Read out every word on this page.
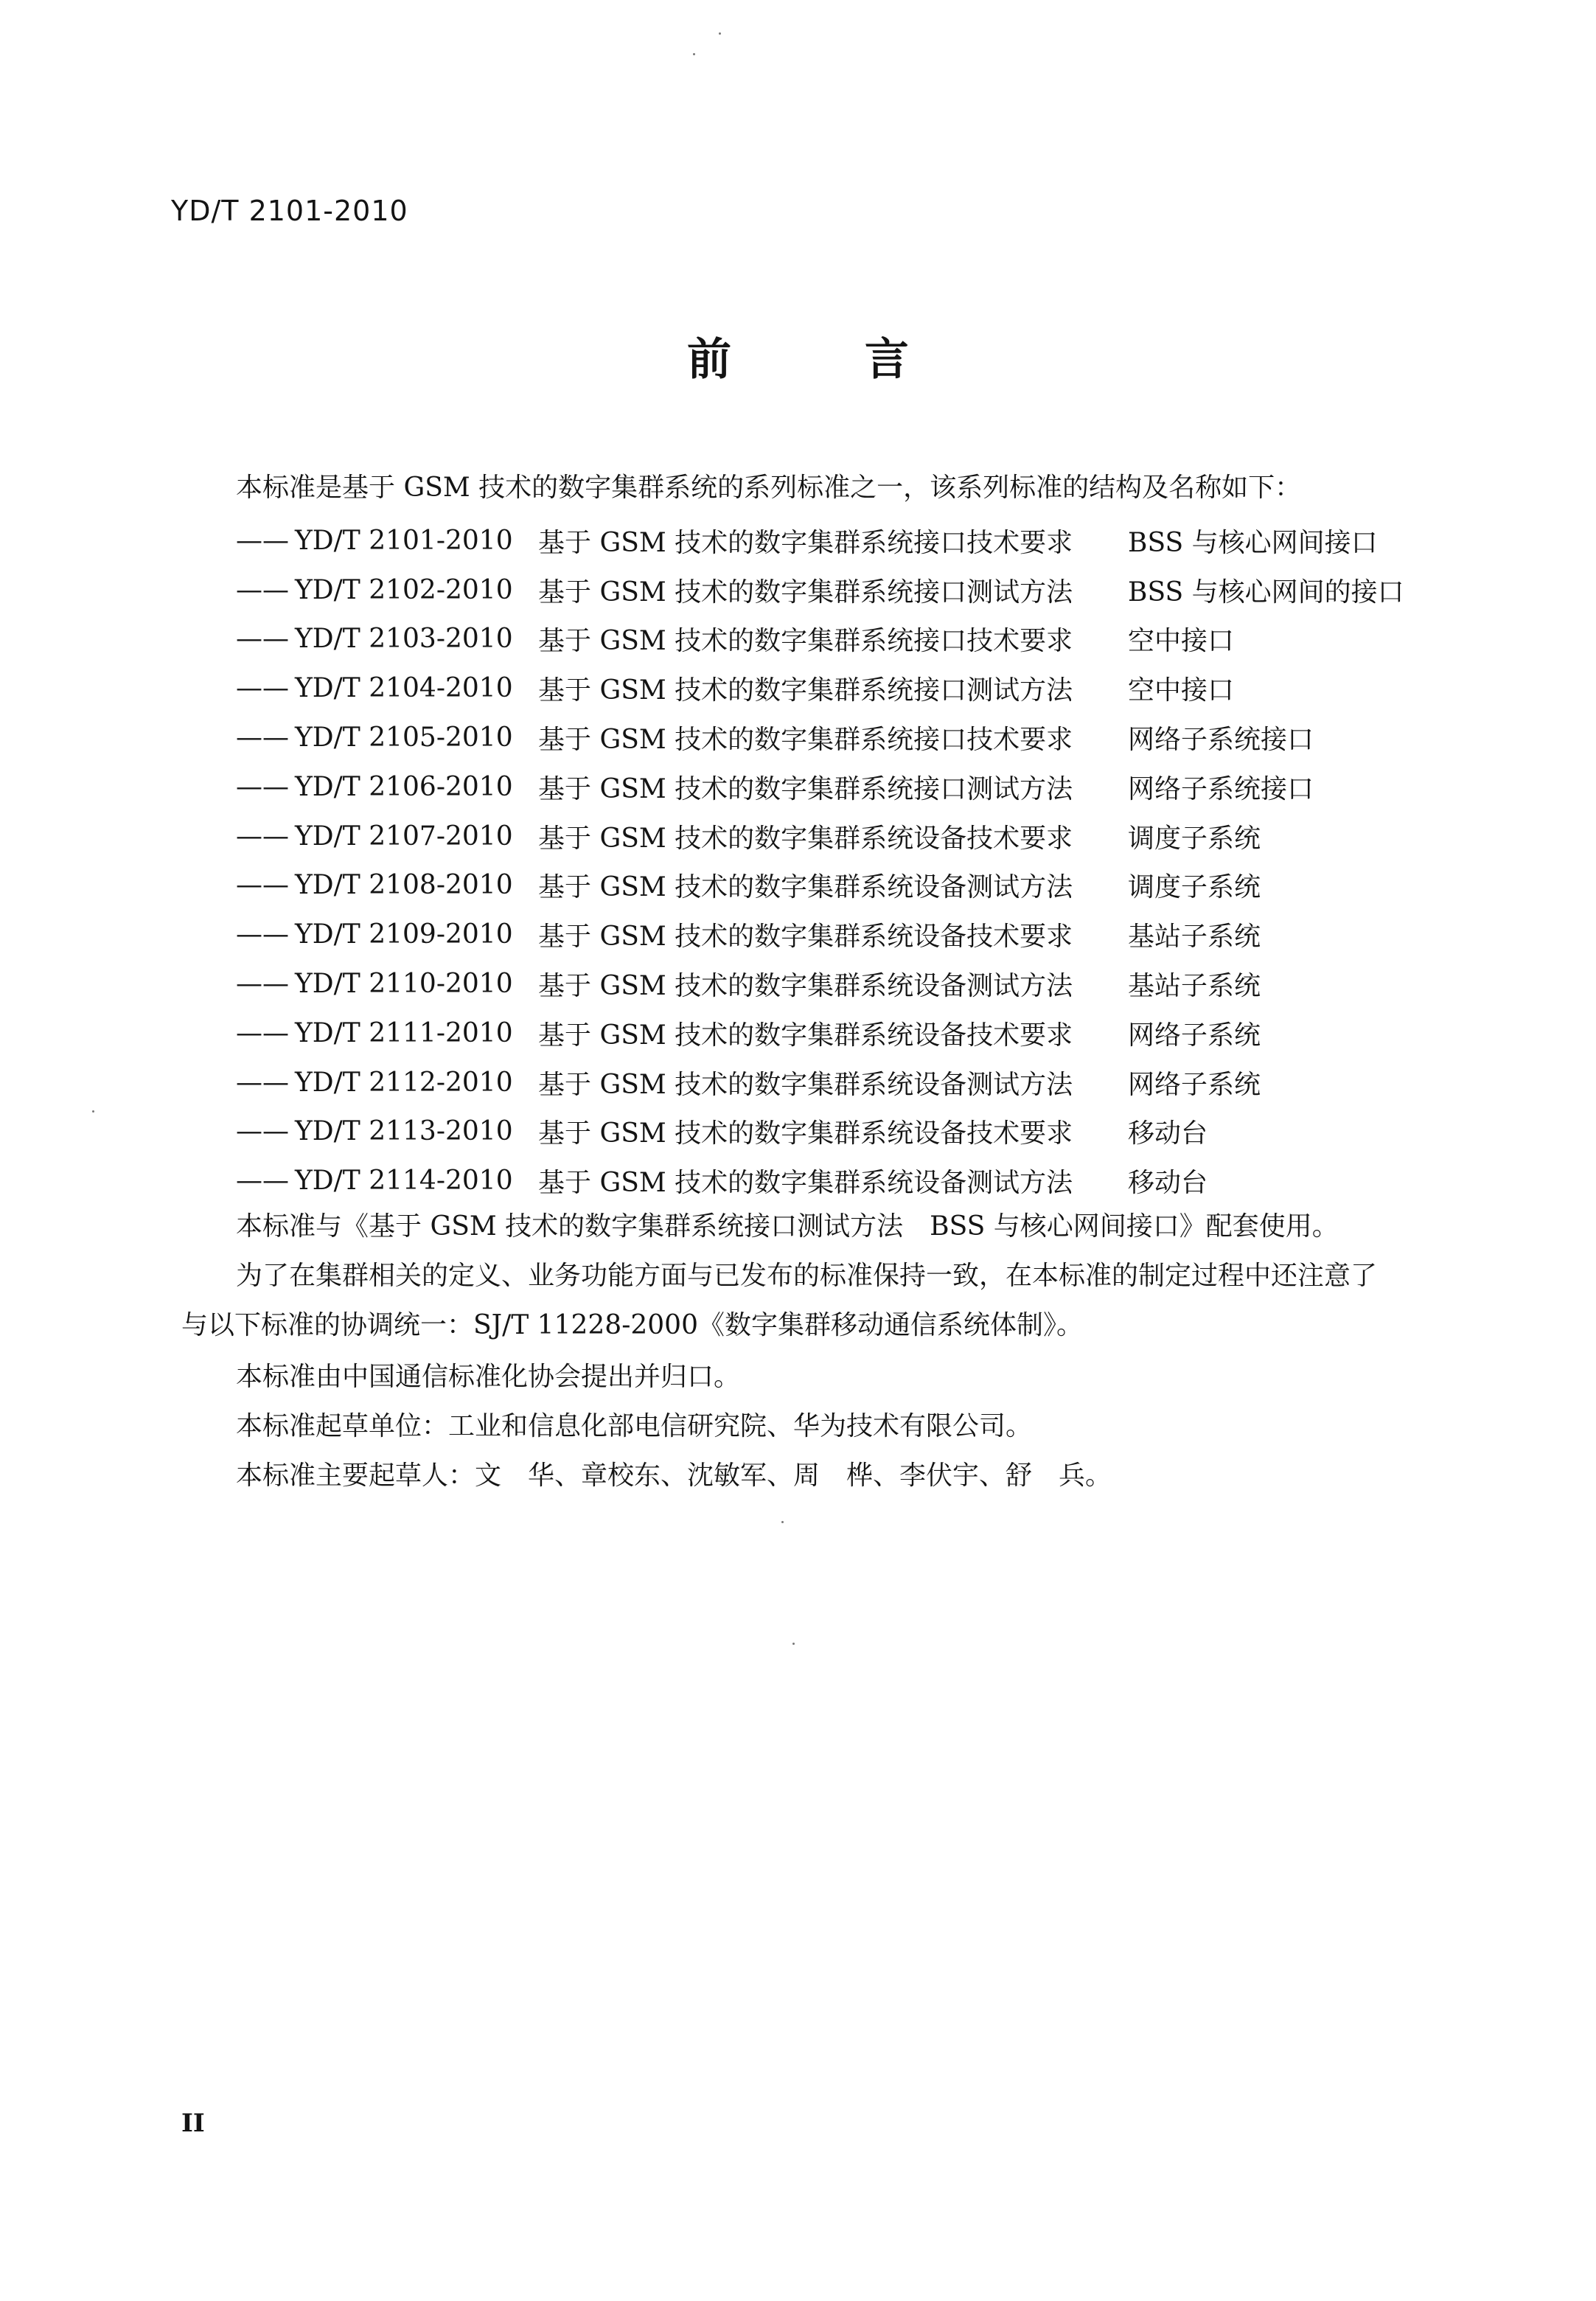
YD/T 2101-2010
前 言
本标准是基于 GSM 技术的数字集群系统的系列标准之一，该系列标准的结构及名称如下：
—— YD/T 2101-2010 基于 GSM 技术的数字集群系统接口技术要求	BSS 与核心网间接口
—— YD/T 2102-2010 基于 GSM 技术的数字集群系统接口测试方法	BSS 与核心网间的接口
—— YD/T 2103-2010 基于 GSM 技术的数字集群系统接口技术要求	空中接口
—— YD/T 2104-2010 基于 GSM 技术的数字集群系统接口测试方法	空中接口
—— YD/T 2105-2010 基于 GSM 技术的数字集群系统接口技术要求	网络子系统接口
—— YD/T 2106-2010 基于 GSM 技术的数字集群系统接口测试方法	网络子系统接口
—— YD/T 2107-2010 基于 GSM 技术的数字集群系统设备技术要求	调度子系统
—— YD/T 2108-2010 基于 GSM 技术的数字集群系统设备测试方法	调度子系统
—— YD/T 2109-2010 基于 GSM 技术的数字集群系统设备技术要求	基站子系统
—— YD/T 2110-2010 基于 GSM 技术的数字集群系统设备测试方法	基站子系统
—— YD/T 2111-2010 基于 GSM 技术的数字集群系统设备技术要求	网络子系统
—— YD/T 2112-2010 基于 GSM 技术的数字集群系统设备测试方法	网络子系统
—— YD/T 2113-2010 基于 GSM 技术的数字集群系统设备技术要求	移动台
—— YD/T 2114-2010 基于 GSM 技术的数字集群系统设备测试方法	移动台
本标准与《基于 GSM 技术的数字集群系统接口测试方法　BSS 与核心网间接口》配套使用。
为了在集群相关的定义、业务功能方面与已发布的标准保持一致，在本标准的制定过程中还注意了
与以下标准的协调统一：SJ/T 11228-2000《数字集群移动通信系统体制》。
本标准由中国通信标准化协会提出并归口。
本标准起草单位：工业和信息化部电信研究院、华为技术有限公司。
本标准主要起草人：文　华、章校东、沈敏军、周　桦、李伏宇、舒　兵。
II
